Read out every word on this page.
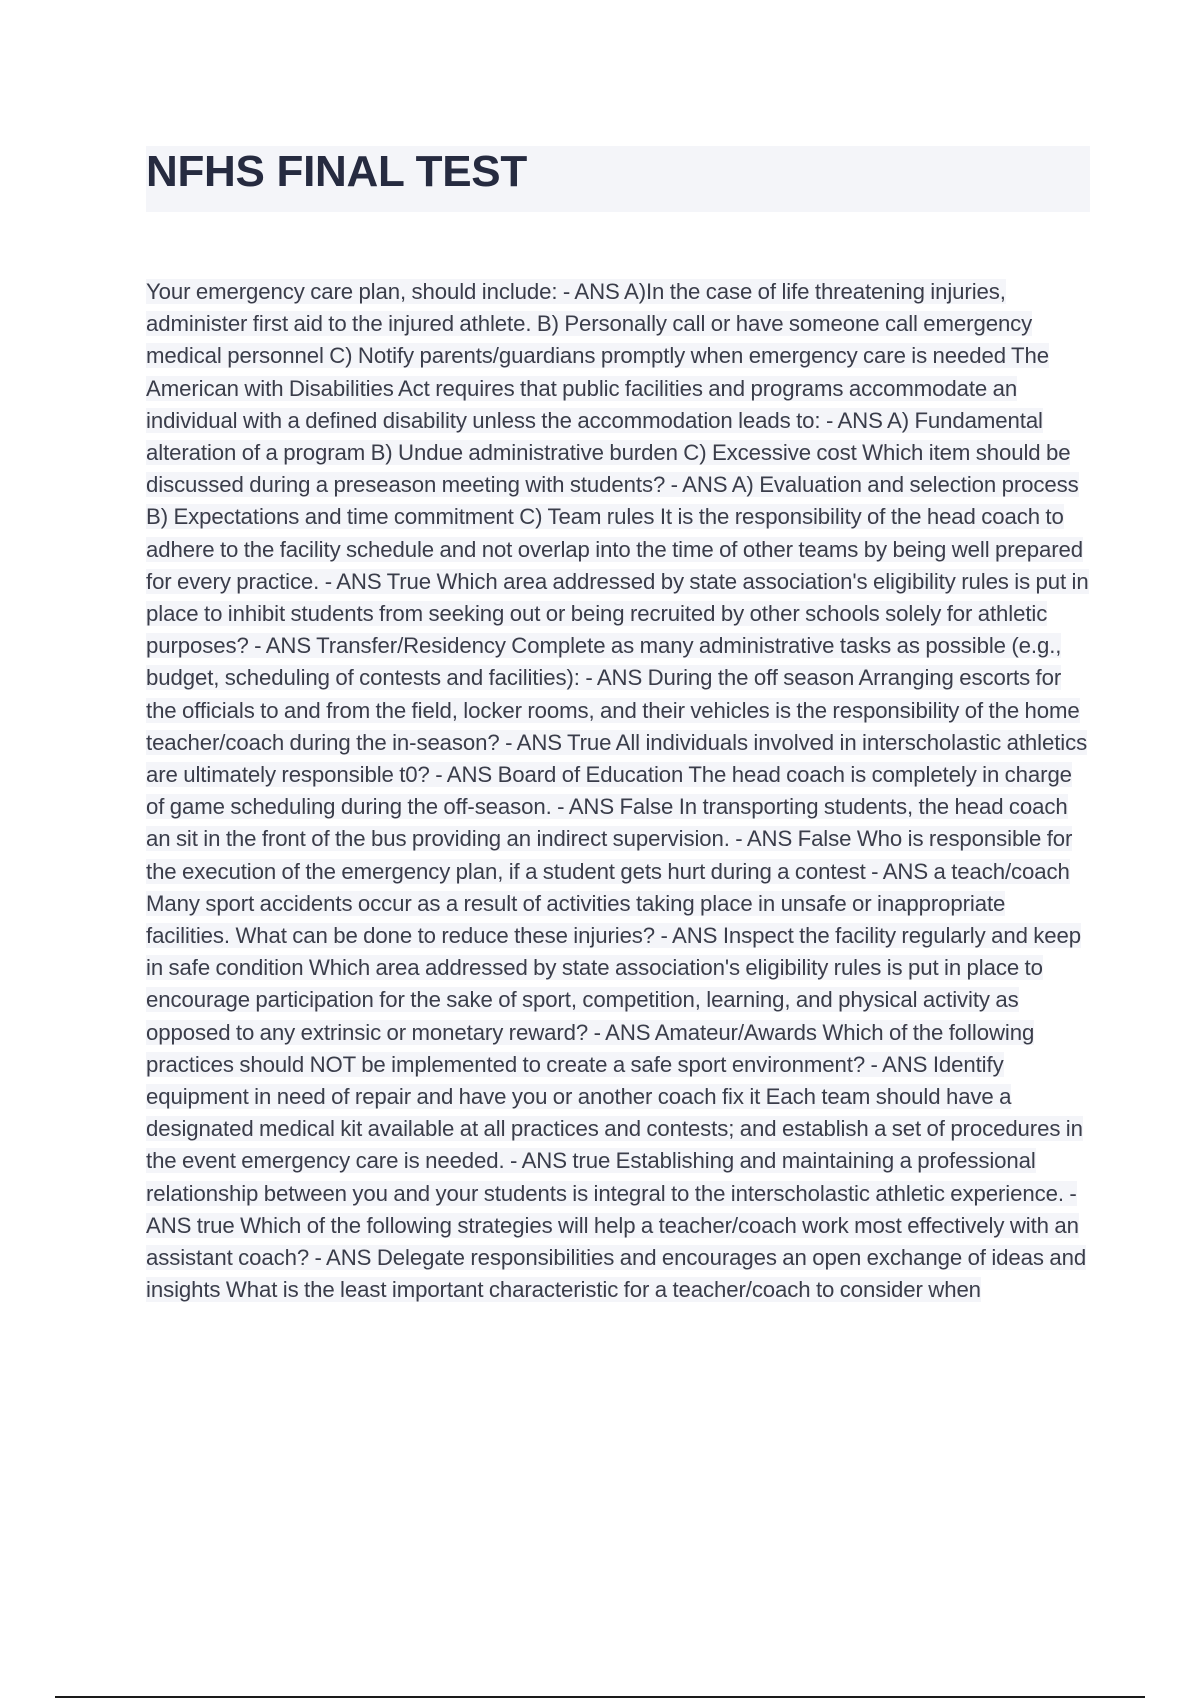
NFHS FINAL TEST

Your emergency care plan, should include: - ANS A)In the case of life threatening injuries, administer first aid to the injured athlete. B) Personally call or have someone call emergency medical personnel C) Notify parents/guardians promptly when emergency care is needed The American with Disabilities Act requires that public facilities and programs accommodate an individual with a defined disability unless the accommodation leads to: - ANS A) Fundamental alteration of a program B) Undue administrative burden C) Excessive cost Which item should be discussed during a preseason meeting with students? - ANS A) Evaluation and selection process B) Expectations and time commitment C) Team rules It is the responsibility of the head coach to adhere to the facility schedule and not overlap into the time of other teams by being well prepared for every practice. - ANS True Which area addressed by state association's eligibility rules is put in place to inhibit students from seeking out or being recruited by other schools solely for athletic purposes? - ANS Transfer/Residency Complete as many administrative tasks as possible (e.g., budget, scheduling of contests and facilities): - ANS During the off season Arranging escorts for the officials to and from the field, locker rooms, and their vehicles is the responsibility of the home teacher/coach during the in-season? - ANS True All individuals involved in interscholastic athletics are ultimately responsible t0? - ANS Board of Education The head coach is completely in charge of game scheduling during the off-season. - ANS False In transporting students, the head coach an sit in the front of the bus providing an indirect supervision. - ANS False Who is responsible for the execution of the emergency plan, if a student gets hurt during a contest - ANS a teach/coach Many sport accidents occur as a result of activities taking place in unsafe or inappropriate facilities. What can be done to reduce these injuries? - ANS Inspect the facility regularly and keep in safe condition Which area addressed by state association's eligibility rules is put in place to encourage participation for the sake of sport, competition, learning, and physical activity as opposed to any extrinsic or monetary reward? - ANS Amateur/Awards Which of the following practices should NOT be implemented to create a safe sport environment? - ANS Identify equipment in need of repair and have you or another coach fix it Each team should have a designated medical kit available at all practices and contests; and establish a set of procedures in the event emergency care is needed. - ANS true Establishing and maintaining a professional relationship between you and your students is integral to the interscholastic athletic experience. - ANS true Which of the following strategies will help a teacher/coach work most effectively with an assistant coach? - ANS Delegate responsibilities and encourages an open exchange of ideas and insights What is the least important characteristic for a teacher/coach to consider when
